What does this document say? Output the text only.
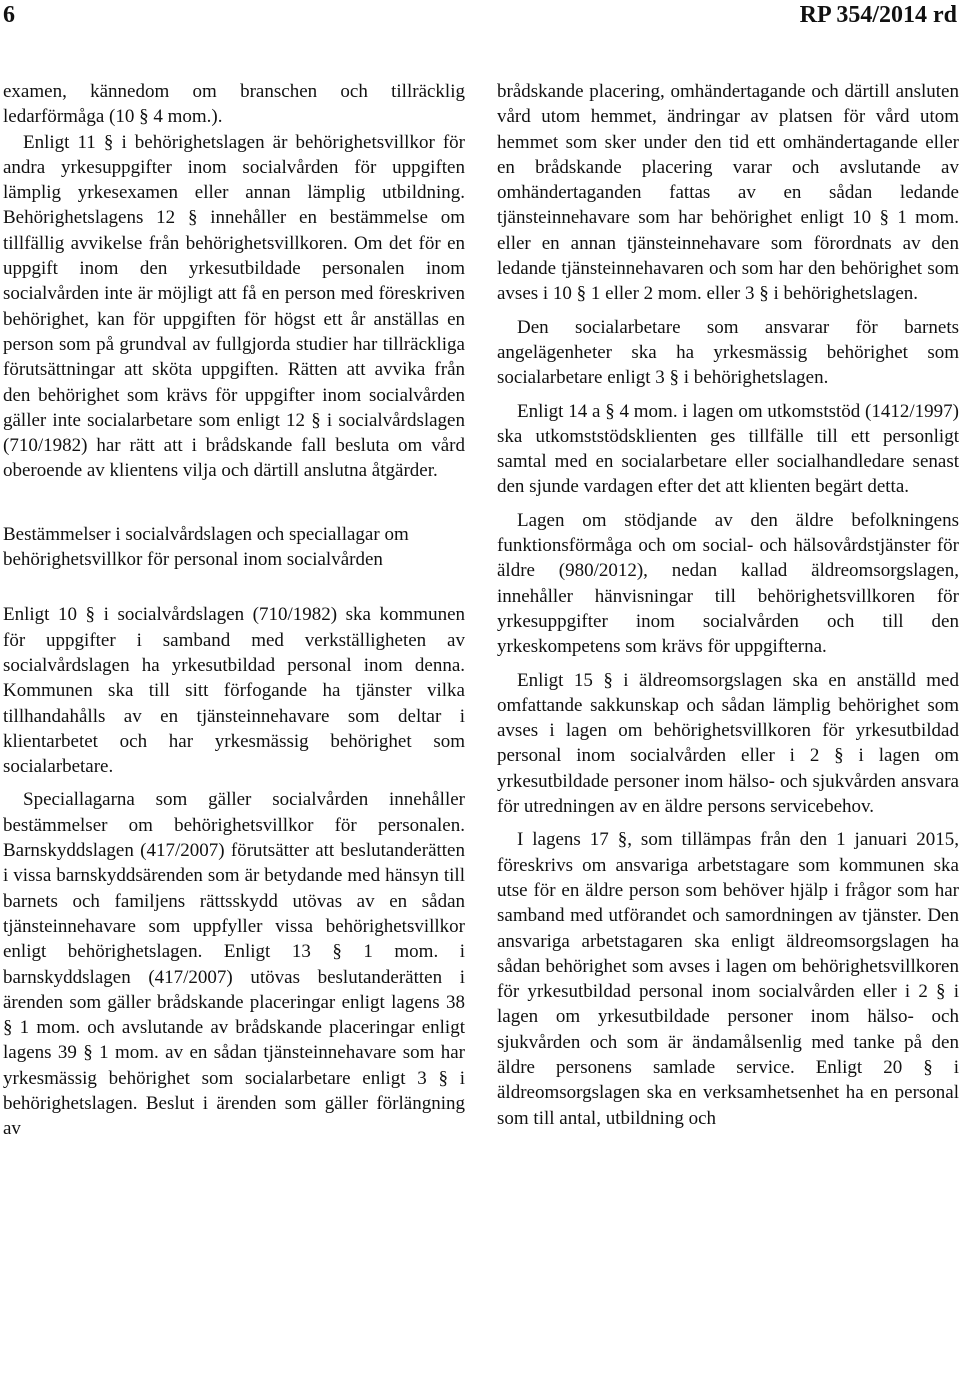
6	RP 354/2014 rd

examen, kännedom om branschen och tillräcklig ledarförmåga (10 § 4 mom.).

Enligt 11 § i behörighetslagen är behörighetsvillkor för andra yrkesuppgifter inom socialvården för uppgiften lämplig yrkesexamen eller annan lämplig utbildning. Behörighetslagens 12 § innehåller en bestämmelse om tillfällig avvikelse från behörighetsvillkoren. Om det för en uppgift inom den yrkesutbildade personalen inom socialvården inte är möjligt att få en person med föreskriven behörighet, kan för uppgiften för högst ett år anställas en person som på grundval av fullgjorda studier har tillräckliga förutsättningar att sköta uppgiften. Rätten att avvika från den behörighet som krävs för uppgifter inom socialvården gäller inte socialarbetare som enligt 12 § i socialvårdslagen (710/1982) har rätt att i brådskande fall besluta om vård oberoende av klientens vilja och därtill anslutna åtgärder.

Bestämmelser i socialvårdslagen och speciallagar om behörighetsvillkor för personal inom socialvården

Enligt 10 § i socialvårdslagen (710/1982) ska kommunen för uppgifter i samband med verkställigheten av socialvårdslagen ha yrkesutbildad personal inom denna. Kommunen ska till sitt förfogande ha tjänster vilka tillhandahålls av en tjänsteinnehavare som deltar i klientarbetet och har yrkesmässig behörighet som socialarbetare.

Speciallagarna som gäller socialvården innehåller bestämmelser om behörighetsvillkor för personalen. Barnskyddslagen (417/2007) förutsätter att beslutanderätten i vissa barnskyddsärenden som är betydande med hänsyn till barnets och familjens rättsskydd utövas av en sådan tjänsteinnehavare som uppfyller vissa behörighetsvillkor enligt behörighetslagen. Enligt 13 § 1 mom. i barnskyddslagen (417/2007) utövas beslutanderätten i ärenden som gäller brådskande placeringar enligt lagens 38 § 1 mom. och avslutande av brådskande placeringar enligt lagens 39 § 1 mom. av en sådan tjänsteinnehavare som har yrkesmässig behörighet som socialarbetare enligt 3 § i behörighetslagen. Beslut i ärenden som gäller förlängning av

brådskande placering, omhändertagande och därtill ansluten vård utom hemmet, ändringar av platsen för vård utom hemmet som sker under den tid ett omhändertagande eller en brådskande placering varar och avslutande av omhändertaganden fattas av en sådan ledande tjänsteinnehavare som har behörighet enligt 10 § 1 mom. eller en annan tjänsteinnehavare som förordnats av den ledande tjänsteinnehavaren och som har den behörighet som avses i 10 § 1 eller 2 mom. eller 3 § i behörighetslagen.

Den socialarbetare som ansvarar för barnets angelägenheter ska ha yrkesmässig behörighet som socialarbetare enligt 3 § i behörighetslagen.

Enligt 14 a § 4 mom. i lagen om utkomststöd (1412/1997) ska utkomststödsklienten ges tillfälle till ett personligt samtal med en socialarbetare eller socialhandledare senast den sjunde vardagen efter det att klienten begärt detta.

Lagen om stödjande av den äldre befolkningens funktionsförmåga och om social- och hälsovårdstjänster för äldre (980/2012), nedan kallad äldreomsorgslagen, innehåller hänvisningar till behörighetsvillkoren för yrkesuppgifter inom socialvården och till den yrkeskompetens som krävs för uppgifterna.

Enligt 15 § i äldreomsorgslagen ska en anställd med omfattande sakkunskap och sådan lämplig behörighet som avses i lagen om behörighetsvillkoren för yrkesutbildad personal inom socialvården eller i 2 § i lagen om yrkesutbildade personer inom hälso- och sjukvården ansvara för utredningen av en äldre persons servicebehov.

I lagens 17 §, som tillämpas från den 1 januari 2015, föreskrivs om ansvariga arbetstagare som kommunen ska utse för en äldre person som behöver hjälp i frågor som har samband med utförandet och samordningen av tjänster. Den ansvariga arbetstagaren ska enligt äldreomsorgslagen ha sådan behörighet som avses i lagen om behörighetsvillkoren för yrkesutbildad personal inom socialvården eller i 2 § i lagen om yrkesutbildade personer inom hälso- och sjukvården och som är ändamålsenlig med tanke på den äldre personens samlade service. Enligt 20 § i äldreomsorgslagen ska en verksamhetsenhet ha en personal som till antal, utbildning och
